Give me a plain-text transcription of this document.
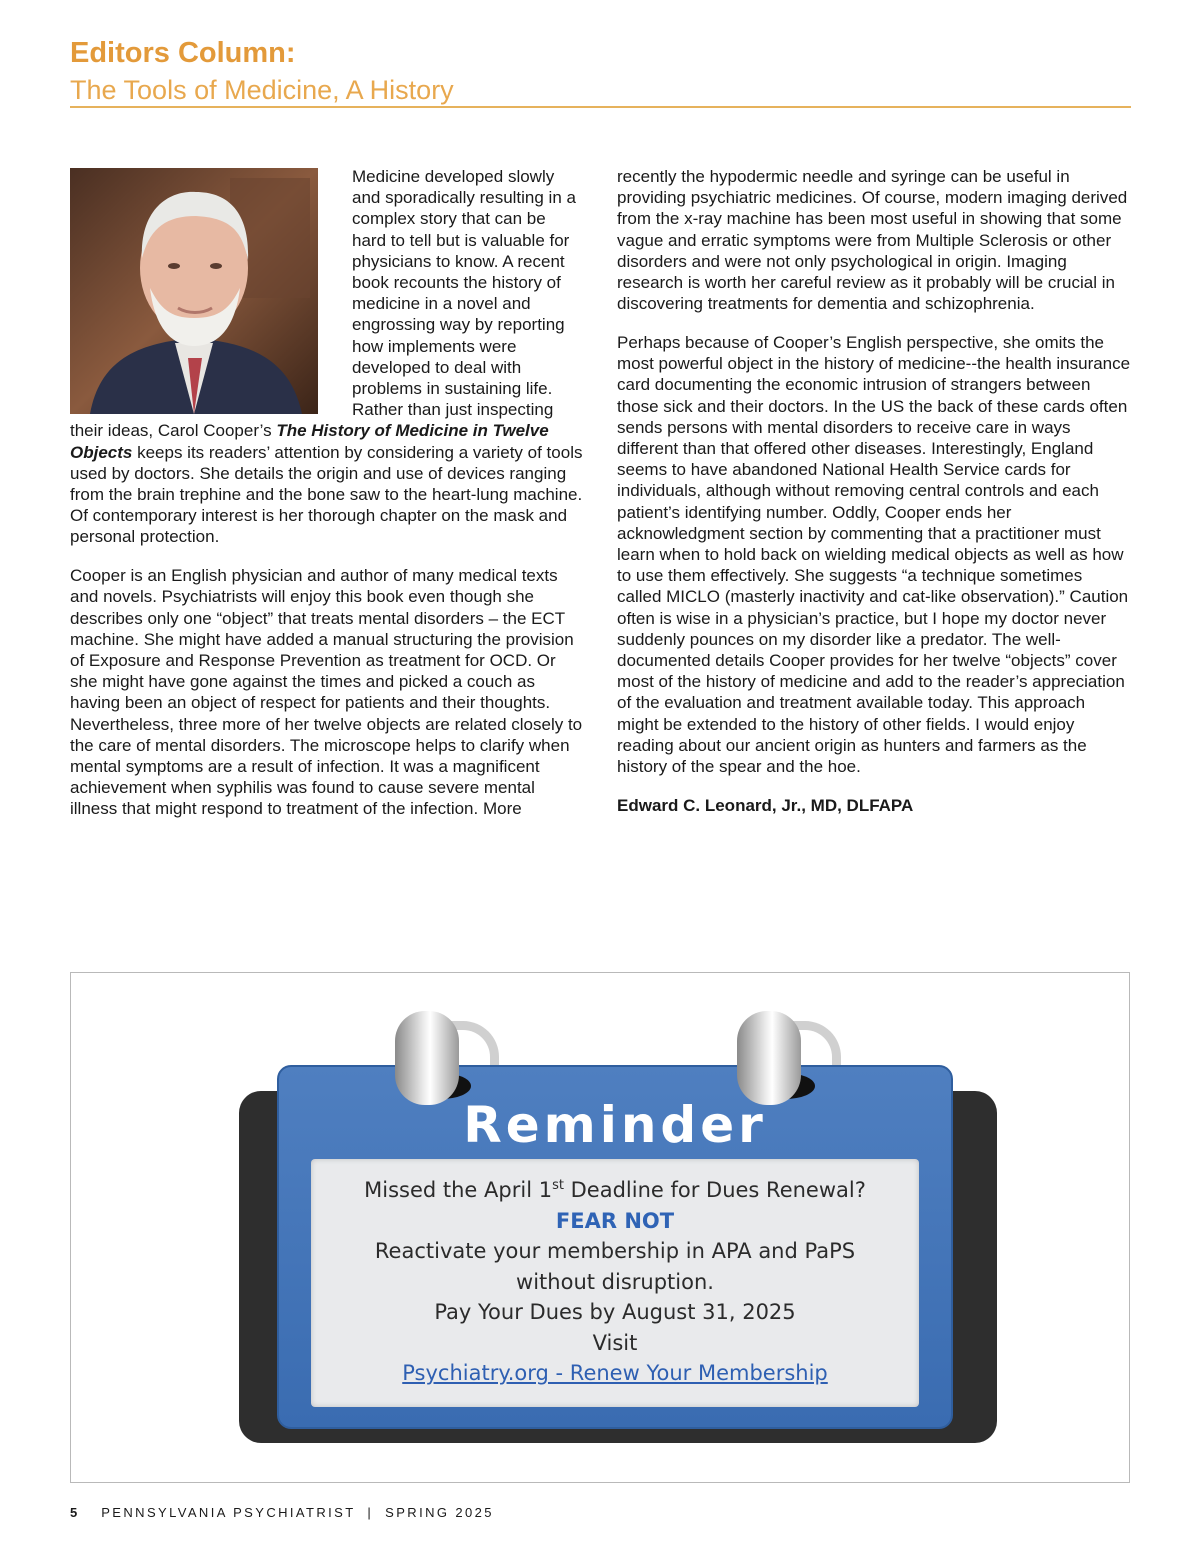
Editors Column:
The Tools of Medicine, A History

Medicine developed slowly and sporadically resulting in a complex story that can be hard to tell but is valuable for physicians to know. A recent book recounts the history of medicine in a novel and engrossing way by reporting how implements were developed to deal with problems in sustaining life. Rather than just inspecting their ideas, Carol Cooper’s The History of Medicine in Twelve Objects keeps its readers’ attention by considering a variety of tools used by doctors. She details the origin and use of devices ranging from the brain trephine and the bone saw to the heart-lung machine. Of contemporary interest is her thorough chapter on the mask and personal protection.

Cooper is an English physician and author of many medical texts and novels. Psychiatrists will enjoy this book even though she describes only one “object” that treats mental disorders – the ECT machine. She might have added a manual structuring the provision of Exposure and Response Prevention as treatment for OCD. Or she might have gone against the times and picked a couch as having been an object of respect for patients and their thoughts. Nevertheless, three more of her twelve objects are related closely to the care of mental disorders. The microscope helps to clarify when mental symptoms are a result of infection. It was a magnificent achievement when syphilis was found to cause severe mental illness that might respond to treatment of the infection. More

recently the hypodermic needle and syringe can be useful in providing psychiatric medicines. Of course, modern imaging derived from the x-ray machine has been most useful in showing that some vague and erratic symptoms were from Multiple Sclerosis or other disorders and were not only psychological in origin. Imaging research is worth her careful review as it probably will be crucial in discovering treatments for dementia and schizophrenia.

Perhaps because of Cooper’s English perspective, she omits the most powerful object in the history of medicine--the health insurance card documenting the economic intrusion of strangers between those sick and their doctors. In the US the back of these cards often sends persons with mental disorders to receive care in ways different than that offered other diseases. Interestingly, England seems to have abandoned National Health Service cards for individuals, although without removing central controls and each patient’s identifying number. Oddly, Cooper ends her acknowledgment section by commenting that a practitioner must learn when to hold back on wielding medical objects as well as how to use them effectively. She suggests “a technique sometimes called MICLO (masterly inactivity and cat-like observation).” Caution often is wise in a physician’s practice, but I hope my doctor never suddenly pounces on my disorder like a predator. The well-documented details Cooper provides for her twelve “objects” cover most of the history of medicine and add to the reader’s appreciation of the evaluation and treatment available today. This approach might be extended to the history of other fields. I would enjoy reading about our ancient origin as hunters and farmers as the history of the spear and the hoe.

Edward C. Leonard, Jr., MD, DLFAPA

Reminder
Missed the April 1st Deadline for Dues Renewal?
FEAR NOT
Reactivate your membership in APA and PaPS
without disruption.
Pay Your Dues by August 31, 2025
Visit
Psychiatry.org - Renew Your Membership
5 PENNSYLVANIA PSYCHIATRIST  |  SPRING 2025
